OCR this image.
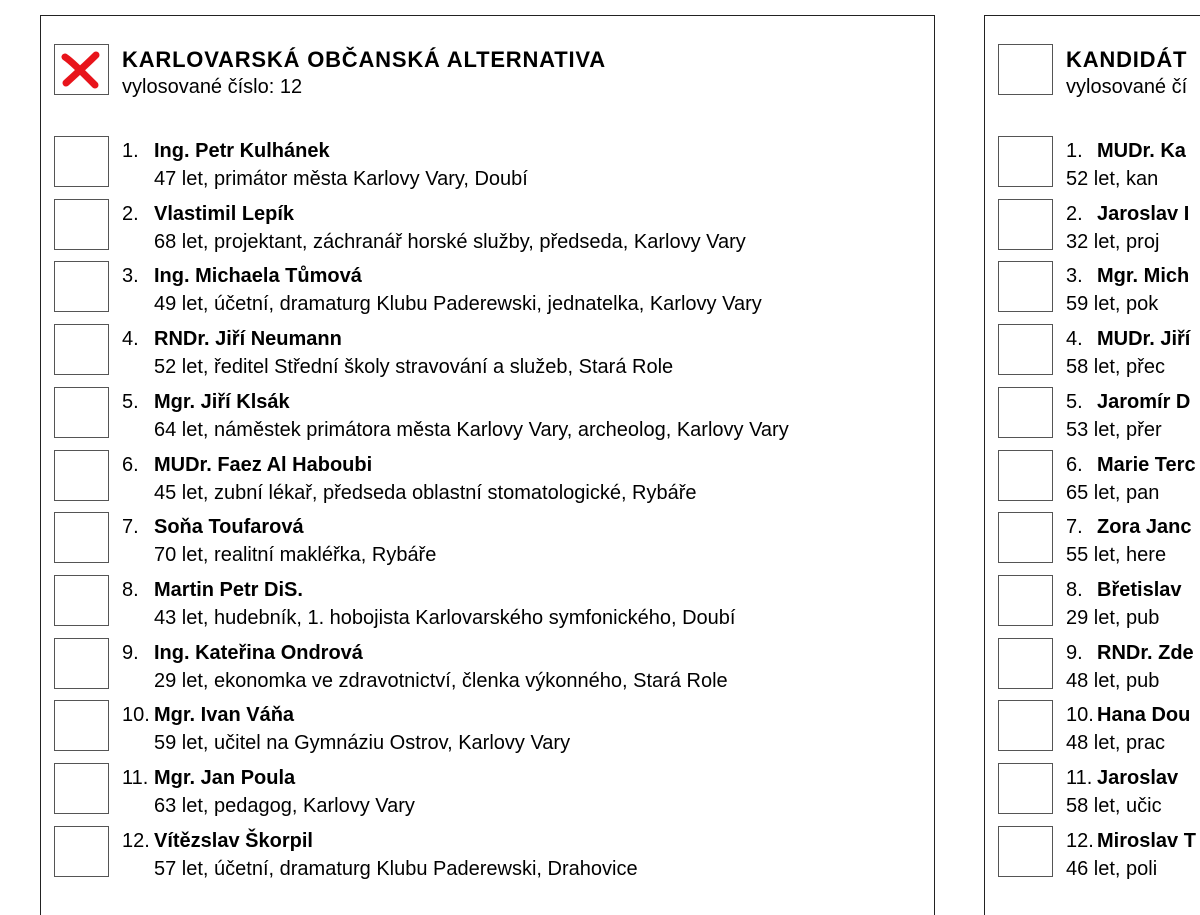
KARLOVARSKÁ OBČANSKÁ ALTERNATIVA
vylosované číslo: 12
1. Ing. Petr Kulhánek
47 let, primátor města Karlovy Vary, Doubí
2. Vlastimil Lepík
68 let, projektant, záchranář horské služby, předseda, Karlovy Vary
3. Ing. Michaela Tůmová
49 let, účetní, dramaturg Klubu Paderewski, jednatelka, Karlovy Vary
4. RNDr. Jiří Neumann
52 let, ředitel Střední školy stravování a služeb, Stará Role
5. Mgr. Jiří Klsák
64 let, náměstek primátora města Karlovy Vary, archeolog, Karlovy Vary
6. MUDr. Faez Al Haboubi
45 let, zubní lékař, předseda oblastní stomatologické, Rybáře
7. Soňa Toufarová
70 let, realitní makléřka, Rybáře
8. Martin Petr DiS.
43 let, hudebník, 1. hobojista Karlovarského symfonického, Doubí
9. Ing. Kateřina Ondrová
29 let, ekonomka ve zdravotnictví, členka výkonného, Stará Role
10. Mgr. Ivan Váňa
59 let, učitel na Gymnáziu Ostrov, Karlovy Vary
11. Mgr. Jan Poula
63 let, pedagog, Karlovy Vary
12. Vítězslav Škorpil
57 let, účetní, dramaturg Klubu Paderewski, Drahovice
KANDIDÁT
vylosované čí
1. MUDr. Ka
52 let, kan
2. Jaroslav I
32 let, proj
3. Mgr. Mich
59 let, pok
4. MUDr. Jiří
58 let, přec
5. Jaromír D
53 let, přer
6. Marie Terc
65 let, pan
7. Zora Janc
55 let, here
8. Břetislav
29 let, pub
9. RNDr. Zde
48 let, pub
10. Hana Dou
48 let, prac
11. Jaroslav
58 let, učic
12. Miroslav T
46 let, poli
